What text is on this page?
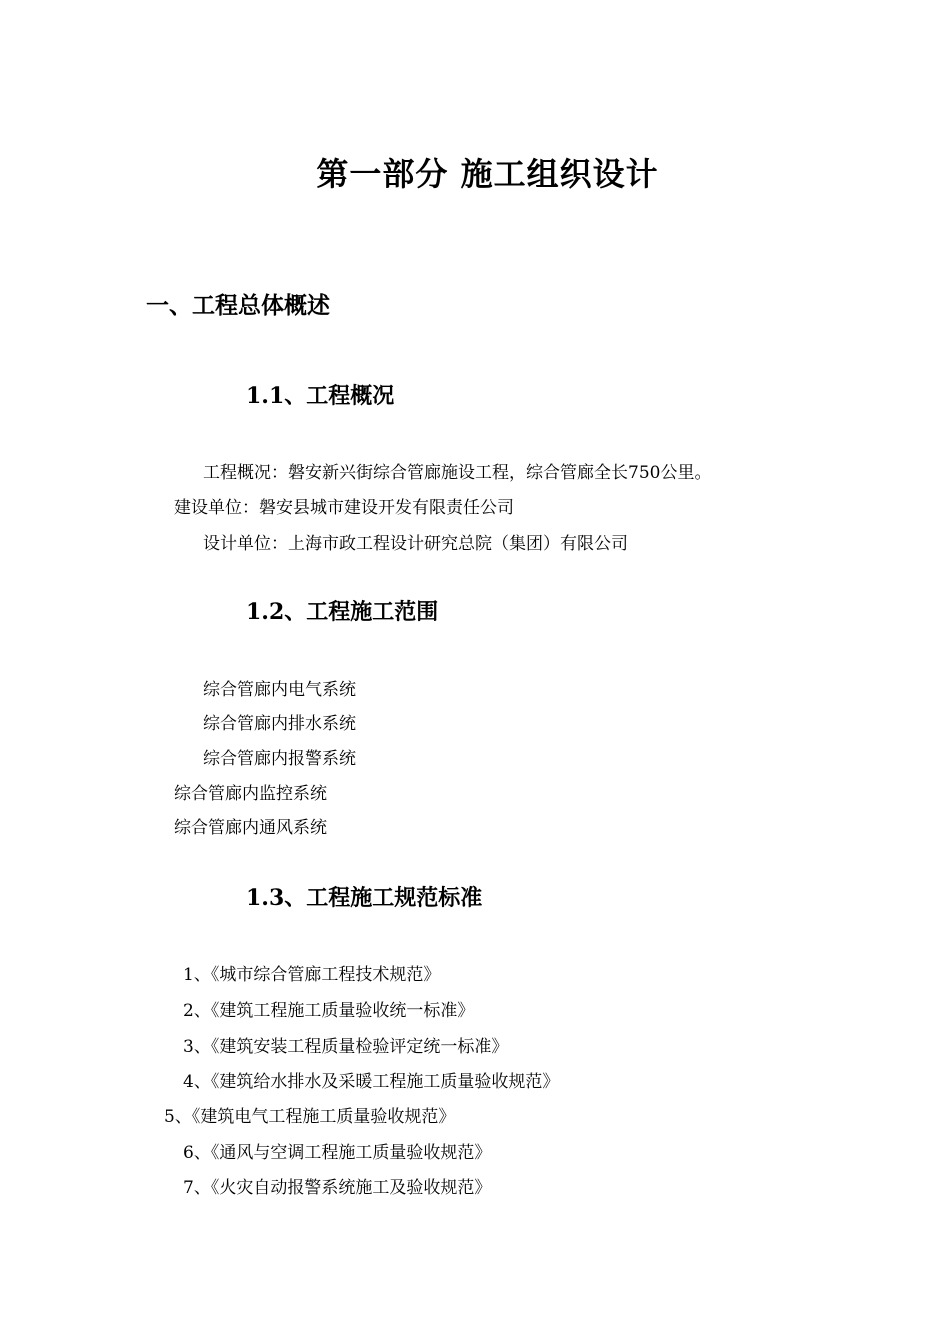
第一部分 施工组织设计
一、工程总体概述
1.1、工程概况
工程概况：磐安新兴街综合管廊施设工程，综合管廊全长750公里。
建设单位：磐安县城市建设开发有限责任公司
设计单位：上海市政工程设计研究总院（集团）有限公司
1.2、工程施工范围
综合管廊内电气系统
综合管廊内排水系统
综合管廊内报警系统
综合管廊内监控系统
综合管廊内通风系统
1.3、工程施工规范标准
1、《城市综合管廊工程技术规范》
2、《建筑工程施工质量验收统一标准》
3、《建筑安装工程质量检验评定统一标准》
4、《建筑给水排水及采暖工程施工质量验收规范》
5、《建筑电气工程施工质量验收规范》
6、《通风与空调工程施工质量验收规范》
7、《火灾自动报警系统施工及验收规范》
